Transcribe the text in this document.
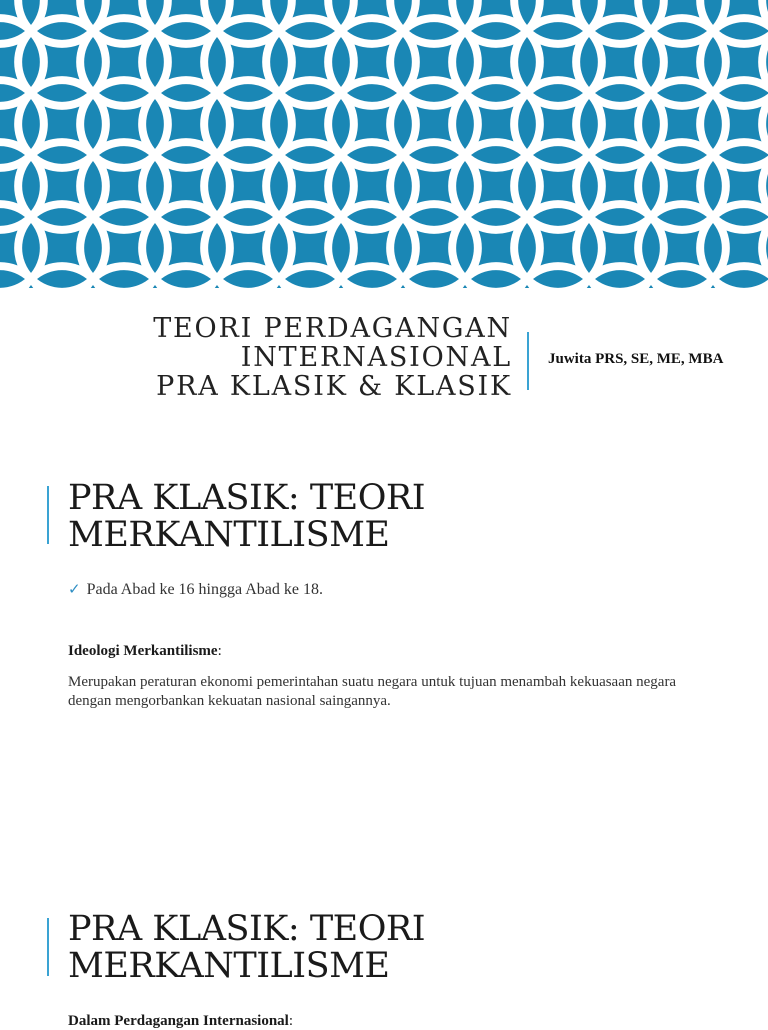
TEORI PERDAGANGAN
INTERNASIONAL
PRA KLASIK & KLASIK
Juwita PRS, SE, ME, MBA
PRA KLASIK: TEORI
MERKANTILISME
✓ Pada Abad ke 16 hingga Abad ke 18.
Ideologi Merkantilisme:
Merupakan peraturan ekonomi pemerintahan suatu negara untuk tujuan menambah kekuasaan negara dengan mengorbankan kekuatan nasional saingannya.
PRA KLASIK: TEORI
MERKANTILISME
Dalam Perdagangan Internasional:
